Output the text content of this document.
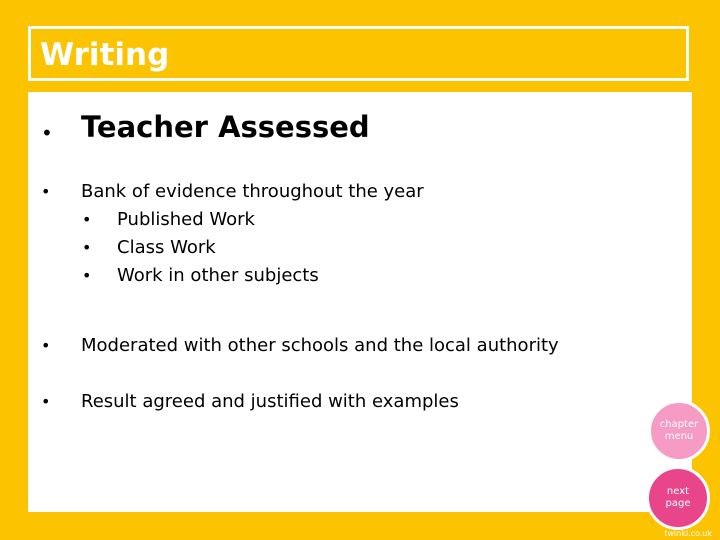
Writing
• Teacher Assessed
• Bank of evidence throughout the year
• Published Work
• Class Work
• Work in other subjects
• Moderated with other schools and the local authority
• Result agreed and justified with examples
chapter menu
next page
twinkl.co.uk
